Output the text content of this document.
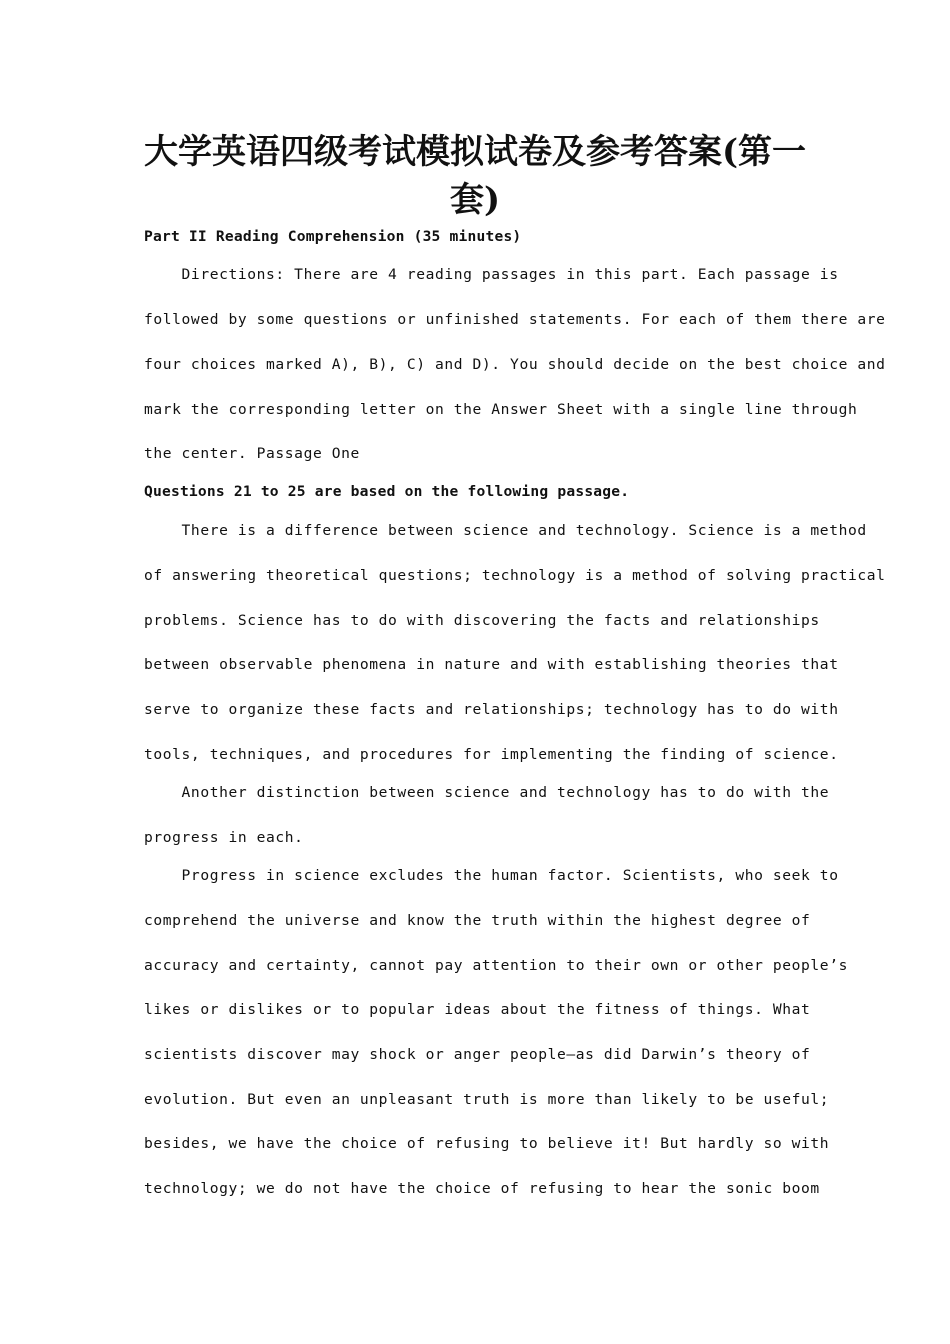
大学英语四级考试模拟试卷及参考答案(第一套)
Part II Reading Comprehension (35 minutes)
Directions: There are 4 reading passages in this part. Each passage is
followed by some questions or unfinished statements. For each of them there are
four choices marked A), B), C) and D). You should decide on the best choice and
mark the corresponding letter on the Answer Sheet with a single line through
the center. Passage One
Questions 21 to 25 are based on the following passage.
There is a difference between science and technology. Science is a method
of answering theoretical questions; technology is a method of solving practical
problems. Science has to do with discovering the facts and relationships
between observable phenomena in nature and with establishing theories that
serve to organize these facts and relationships; technology has to do with
tools, techniques, and procedures for implementing the finding of science.
Another distinction between science and technology has to do with the
progress in each.
Progress in science excludes the human factor. Scientists, who seek to
comprehend the universe and know the truth within the highest degree of
accuracy and certainty, cannot pay attention to their own or other people’s
likes or dislikes or to popular ideas about the fitness of things. What
scientists discover may shock or anger people—as did Darwin’s theory of
evolution. But even an unpleasant truth is more than likely to be useful;
besides, we have the choice of refusing to believe it! But hardly so with
technology; we do not have the choice of refusing to hear the sonic boom
